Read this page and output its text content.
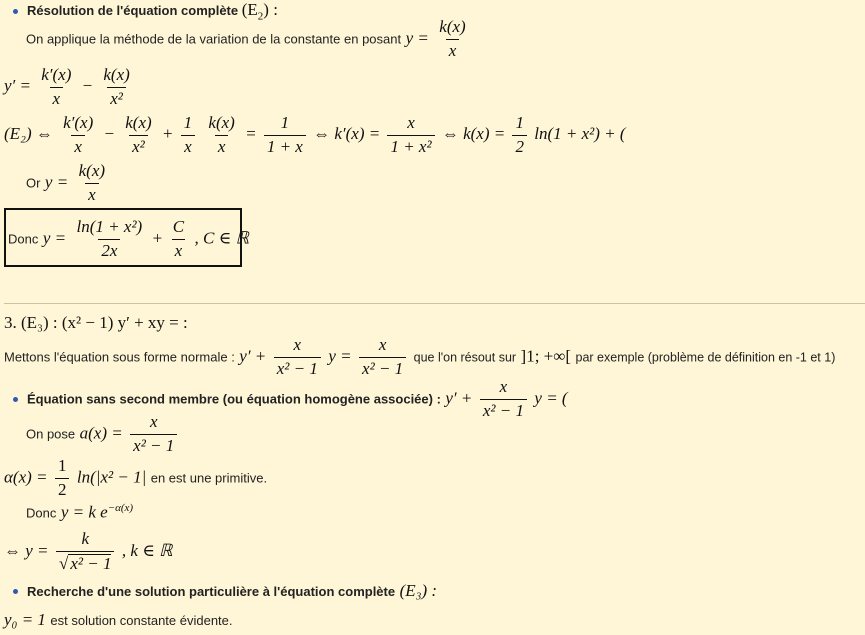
Résolution de l'équation complète $(E_2)$ :
On applique la méthode de la variation de la constante en posant $y = \frac{k(x)}{x}$
$y' = \frac{k'(x)}{x} - \frac{k(x)}{\text{x²}}$
(E₂) ⇔ $\frac{k'(x)}{x} - \frac{k(x)}{\text{x²}} + \frac{1}{x}$
$\frac{k(x)}{x} = \frac{1}{1 + x}$ ⇔ $k'(x) = \frac{x}{\text{1 + x²}}$ ⇔ $k(x) = \frac{1}{2} \ln(1 + x^2)$ + (
Or $y = \frac{k(x)}{x}$
Donc $y = \frac{\text{ln(1 + x²)}}{2x} + \frac{C}{x}$ , C ∈ ℝ
3. (E₃) : (x² − 1) y′ + xy = :
Mettons l'équation sous forme normale : $y' + \frac{x}{\text{x² − 1}}$ $y = \frac{x}{\text{x² − 1}}$ que l'on résout sur ]1; +∞[ par exemple (problème de définition en -1 et 1)
Équation sans second membre (ou équation homogène associée) : $y' + \frac{x}{\text{x² − 1}}$ y = (
On pose $a(x) = \frac{x}{\text{x² − 1}}$
$\alpha(x) = \frac{1}{2} \ln(|x^2 - 1|$ en est une primitive.
Donc y = k $e^{-\alpha(x)}$
⇔ $y = \frac{k}{\text{√ x² − 1}}$ , k ∈ ℝ
Recherche d'une solution particulière à l'équation complète (E₃) :
y₀ = 1 est solution constante évidente.
